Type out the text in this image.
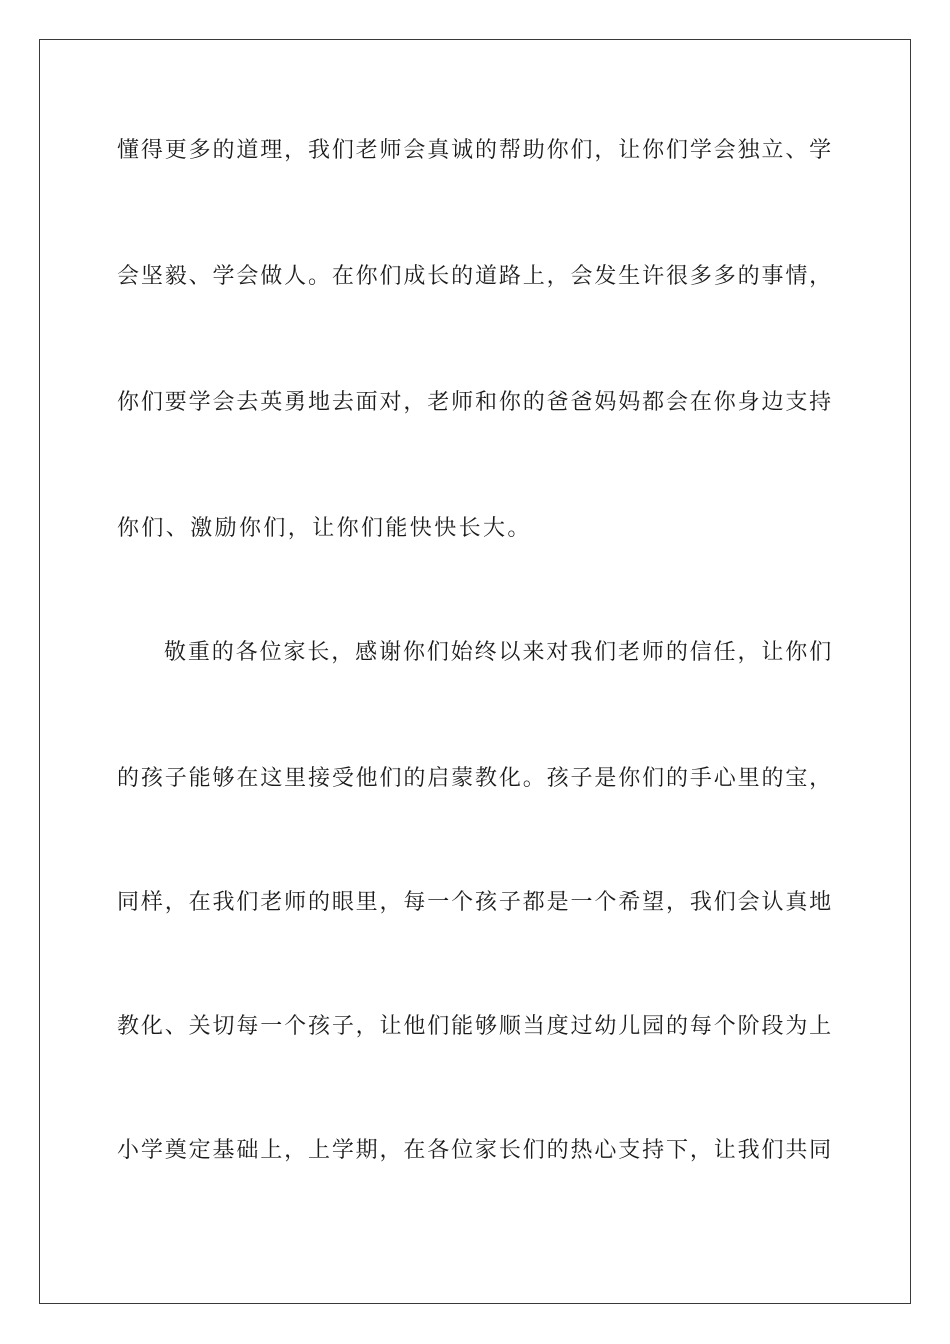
懂得更多的道理，我们老师会真诚的帮助你们，让你们学会独立、学
会坚毅、学会做人。在你们成长的道路上，会发生许很多多的事情，
你们要学会去英勇地去面对，老师和你的爸爸妈妈都会在你身边支持
你们、激励你们，让你们能快快长大。
敬重的各位家长，感谢你们始终以来对我们老师的信任，让你们
的孩子能够在这里接受他们的启蒙教化。孩子是你们的手心里的宝，
同样，在我们老师的眼里，每一个孩子都是一个希望，我们会认真地
教化、关切每一个孩子，让他们能够顺当度过幼儿园的每个阶段为上
小学奠定基础上，上学期，在各位家长们的热心支持下，让我们共同
